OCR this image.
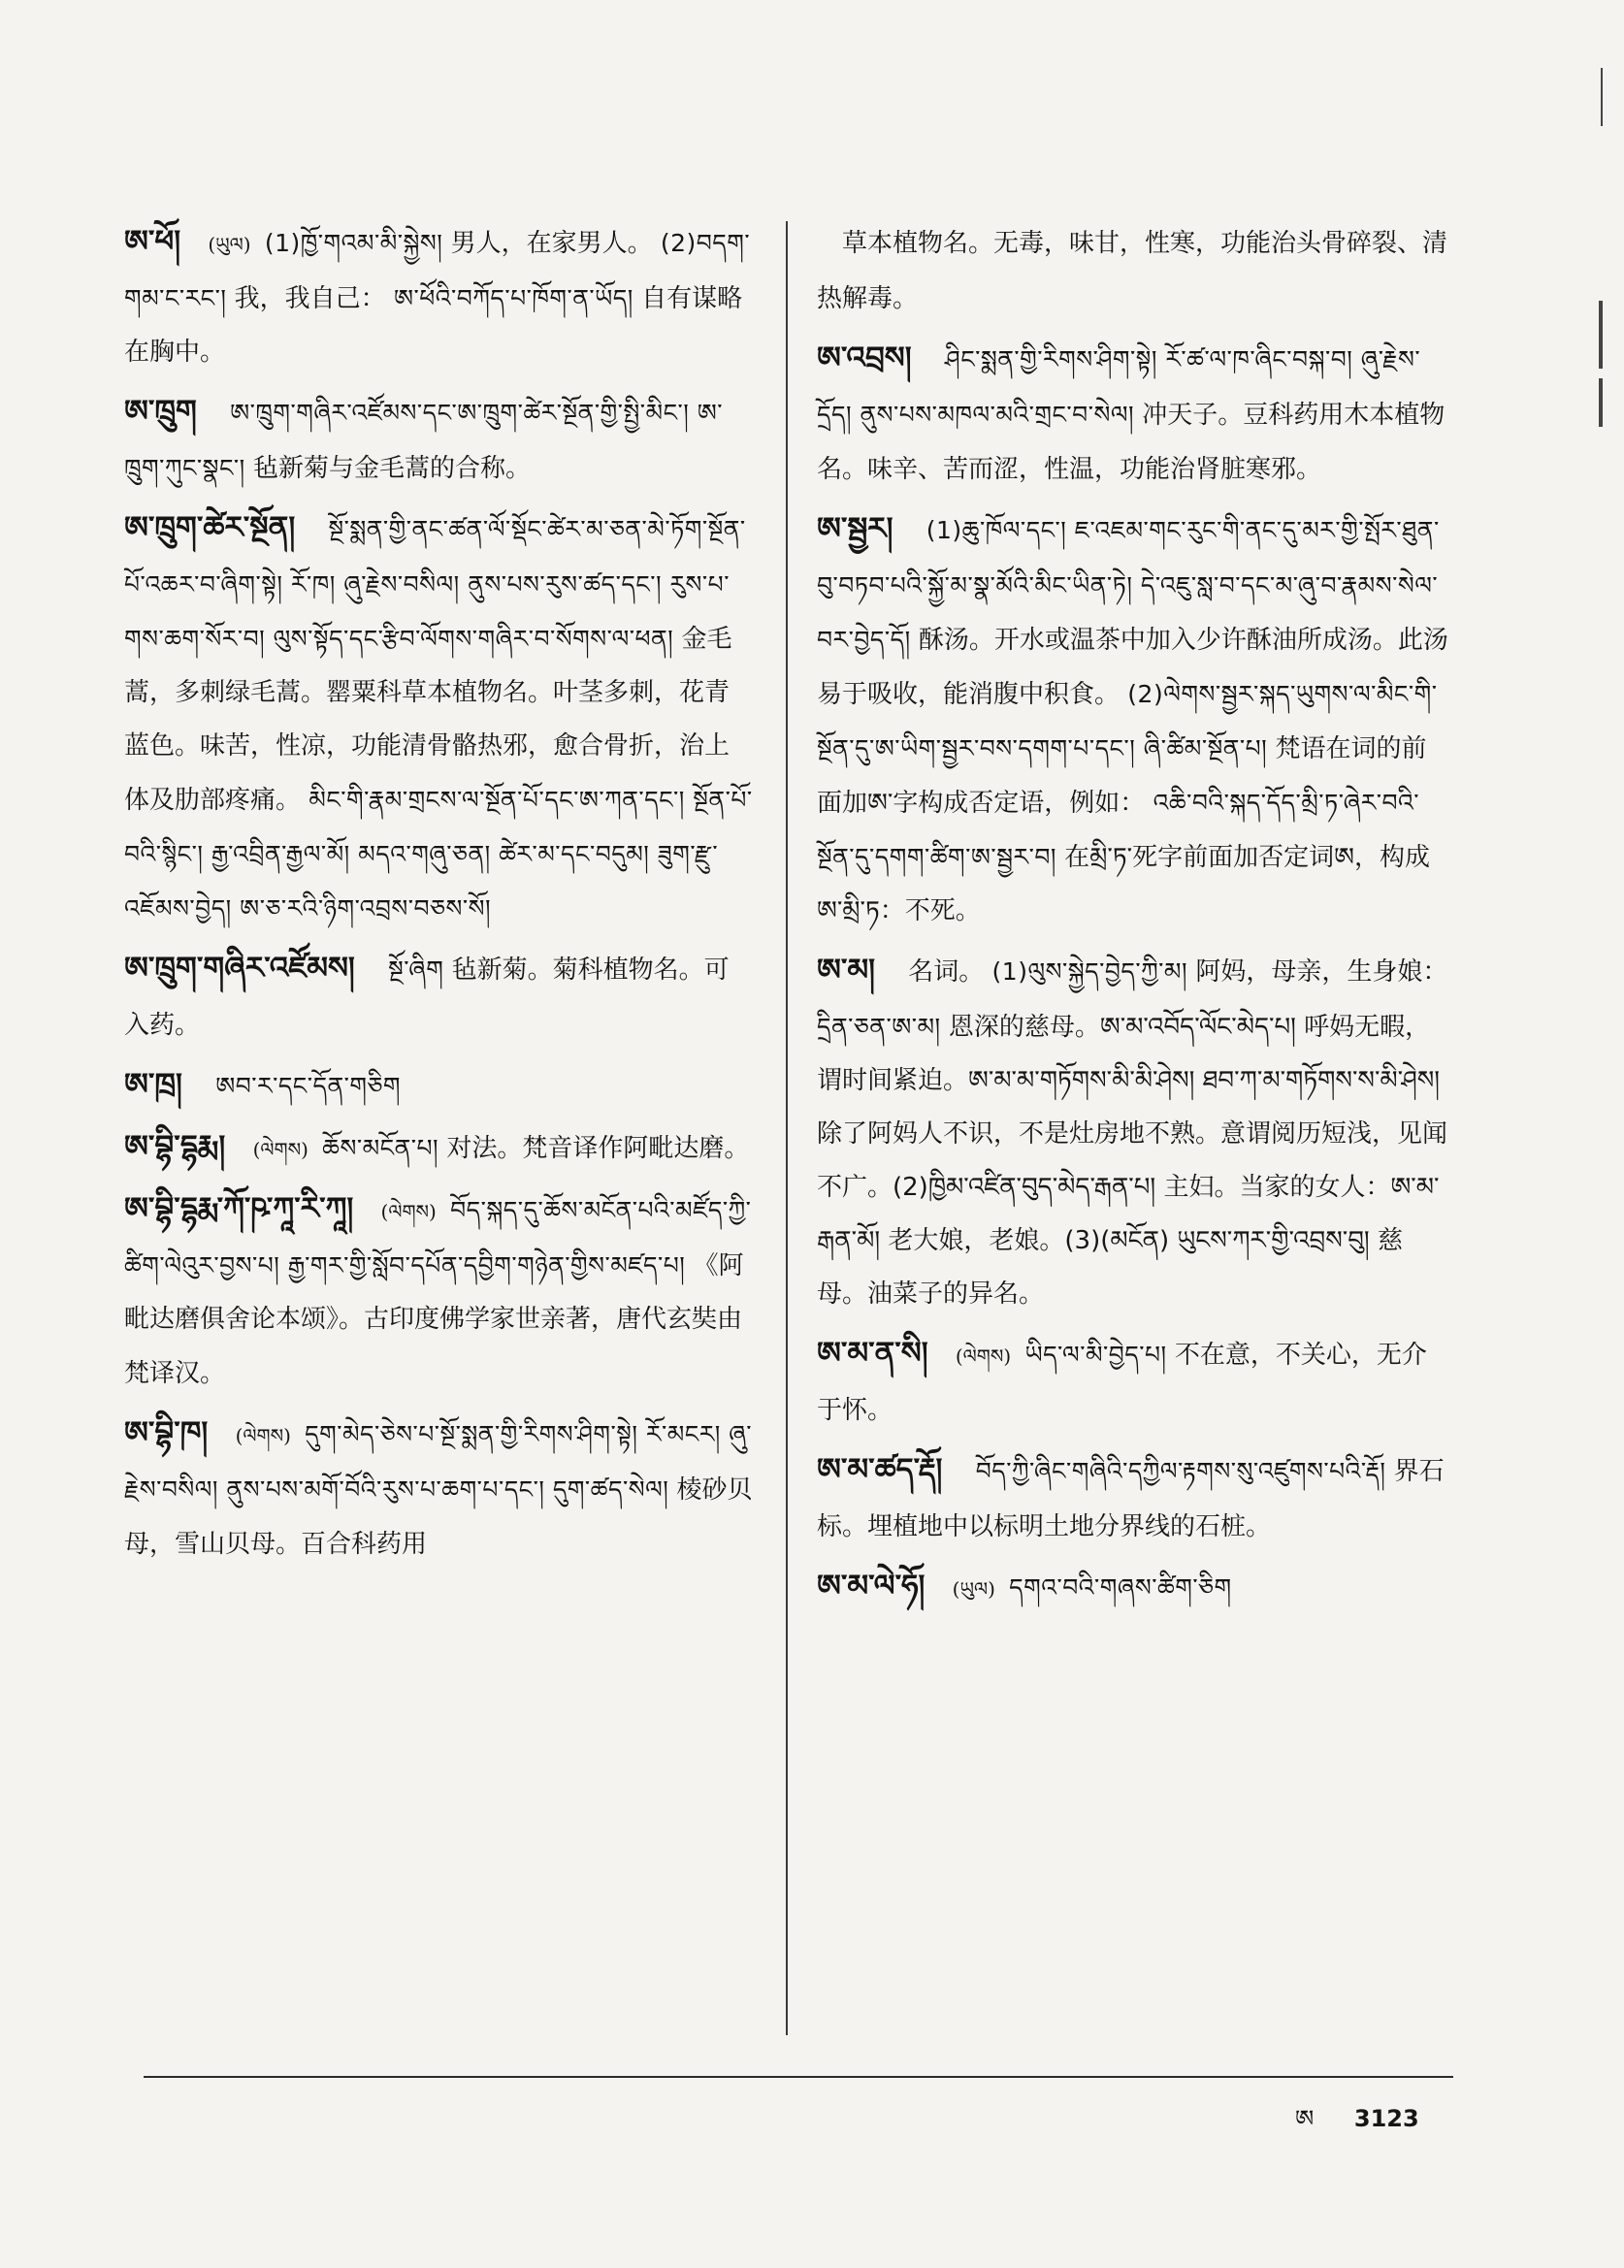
ཨ་ཕོ། (ཡུལ) (1)ཁྱོ་གའམ་མི་སྐྱེས། 男人，在家男人。 (2)བདག་གམ་ང་རང་། 我，我自己： ཨ་ཕོའི་བཀོད་པ་ཁོག་ན་ཡོད། 自有谋略在胸中。
ཨ་ཁྲུག ཨ་ཁྲུག་གཞིར་འཛོམས་དང་ཨ་ཁྲུག་ཚེར་སྔོན་གྱི་སྤྱི་མིང་། ཨ་ཁྲུག་ཀུང་སྣང་། 毡新菊与金毛蒿的合称。
ཨ་ཁྲུག་ཚེར་སྔོན། སྔོ་སྨན་གྱི་ནང་ཚན་ལོ་སྡོང་ཚེར་མ་ཅན་མེ་ཏོག་སྔོན་པོ་འཆར་བ་ཞིག་སྟེ། རོ་ཁ། ཞུ་རྗེས་བསིལ། ནུས་པས་རུས་ཚད་དང་། རུས་པ་གས་ཆག་སོར་བ། ལུས་སྟོད་དང་རྩིབ་ལོགས་གཞིར་བ་སོགས་ལ་ཕན། 金毛蒿，多刺绿毛蒿。罂粟科草本植物名。叶茎多刺，花青蓝色。味苦，性凉，功能清骨骼热邪，愈合骨折，治上体及肋部疼痛。 མིང་གི་རྣམ་གྲངས་ལ་སྔོན་པོ་དང་ཨ་ཀན་དང་། སྔོན་པོ་བའི་སྙིང་། རྒྱ་འབྲིན་རྒྱལ་མོ། མདའ་གཞུ་ཅན། ཚེར་མ་དང་བདུམ། ཟུག་རྫུ་འཇོམས་བྱེད། ཨ་ཅ་རའི་ཉིག་འབྲས་བཅས་སོ།
ཨ་ཁྲུག་གཞིར་འཛོམས། སྔོ་ཞིག 毡新菊。菊科植物名。可入药。
ཨ་ཁྲ། ཨབ་ར་དང་དོན་གཅིག
ཨ་བྷི་དྷརྨ། (ལེགས) ཆོས་མངོན་པ། 对法。梵音译作阿毗达磨。
ཨ་བྷི་དྷརྨ་ཀོ་ཥ་ཀཱ་རི་ཀཱ། (ལེགས) བོད་སྐད་དུ་ཆོས་མངོན་པའི་མཛོད་ཀྱི་ཚིག་ལེའུར་བྱས་པ། རྒྱ་གར་གྱི་སློབ་དཔོན་དབྱིག་གཉེན་གྱིས་མཛད་པ། 《阿毗达磨俱舍论本颂》。古印度佛学家世亲著，唐代玄奘由梵译汉。
ཨ་བྷི་ཁ། (ལེགས) དུག་མེད་ཅེས་པ་སྔོ་སྨན་གྱི་རིགས་ཤིག་སྟེ། རོ་མངར། ཞུ་རྗེས་བསིལ། ནུས་པས་མགོ་བོའི་རུས་པ་ཆག་པ་དང་། དུག་ཚད་སེལ། 棱砂贝母，雪山贝母。百合科药用
草本植物名。无毒，味甘，性寒，功能治头骨碎裂、清热解毒。
ཨ་འབྲས། ཤིང་སྨན་གྱི་རིགས་ཤིག་སྟེ། རོ་ཚ་ལ་ཁ་ཞིང་བསྐ་བ། ཞུ་རྗེས་དྲོད། ནུས་པས་མཁལ་མའི་གྲང་བ་སེལ། 冲天子。豆科药用木本植物名。味辛、苦而涩，性温，功能治肾脏寒邪。
ཨ་སྦྱར། (1)ཆུ་ཁོལ་དང་། ཇ་འཇམ་གང་རུང་གི་ནང་དུ་མར་གྱི་སྤོར་ཐུན་བུ་བཏབ་པའི་སྐྱོ་མ་སྣ་མོའི་མིང་ཡིན་ཏེ། དེ་འཇུ་སླ་བ་དང་མ་ཞུ་བ་རྣམས་སེལ་བར་བྱེད་དོ། 酥汤。开水或温茶中加入少许酥油所成汤。此汤易于吸收，能消腹中积食。 (2)ལེགས་སྦྱར་སྐད་ཡུགས་ལ་མིང་གི་སྔོན་དུ་ཨ་ཡིག་སྦྱར་བས་དགག་པ་དང་། ཞི་ཚིམ་སྔོན་པ། 梵语在词的前面加ཨ་字构成否定语，例如： འཆི་བའི་སྐད་དོད་མྲི་ཏ་ཞེར་བའི་སྔོན་དུ་དགག་ཚིག་ཨ་སྦྱར་བ། 在མྲི་ཏ་死字前面加否定词ཨ，构成ཨ་མྲི་ཏ：不死。
ཨ་མ། 名词。 (1)ལུས་སྐྱེད་བྱེད་ཀྱི་མ། 阿妈，母亲，生身娘： དྲིན་ཅན་ཨ་མ། 恩深的慈母。ཨ་མ་འབོད་ལོང་མེད་པ། 呼妈无暇，谓时间紧迫。ཨ་མ་མ་གཏོགས་མི་མི་ཤེས། ཐབ་ཀ་མ་གཏོགས་ས་མི་ཤེས། 除了阿妈人不识，不是灶房地不熟。意谓阅历短浅，见闻不广。(2)ཁྱིམ་འཛིན་བུད་མེད་རྒན་པ། 主妇。当家的女人：ཨ་མ་རྒན་མོ། 老大娘，老娘。(3)(མངོན) ཡུངས་ཀར་གྱི་འབྲས་བུ། 慈母。油菜子的异名。
ཨ་མ་ན་སི། (ལེགས) ཡིད་ལ་མི་བྱེད་པ། 不在意，不关心，无介于怀。
ཨ་མ་ཚད་རྡོ། བོད་ཀྱི་ཞིང་གཞིའི་དཀྱིལ་རྟགས་སུ་འཛུགས་པའི་རྡོ། 界石标。埋植地中以标明土地分界线的石桩。
ཨ་མ་ལེ་ཧོ། (ཡུལ) དགའ་བའི་གཞས་ཚིག་ཅིག
ཨ 3123
